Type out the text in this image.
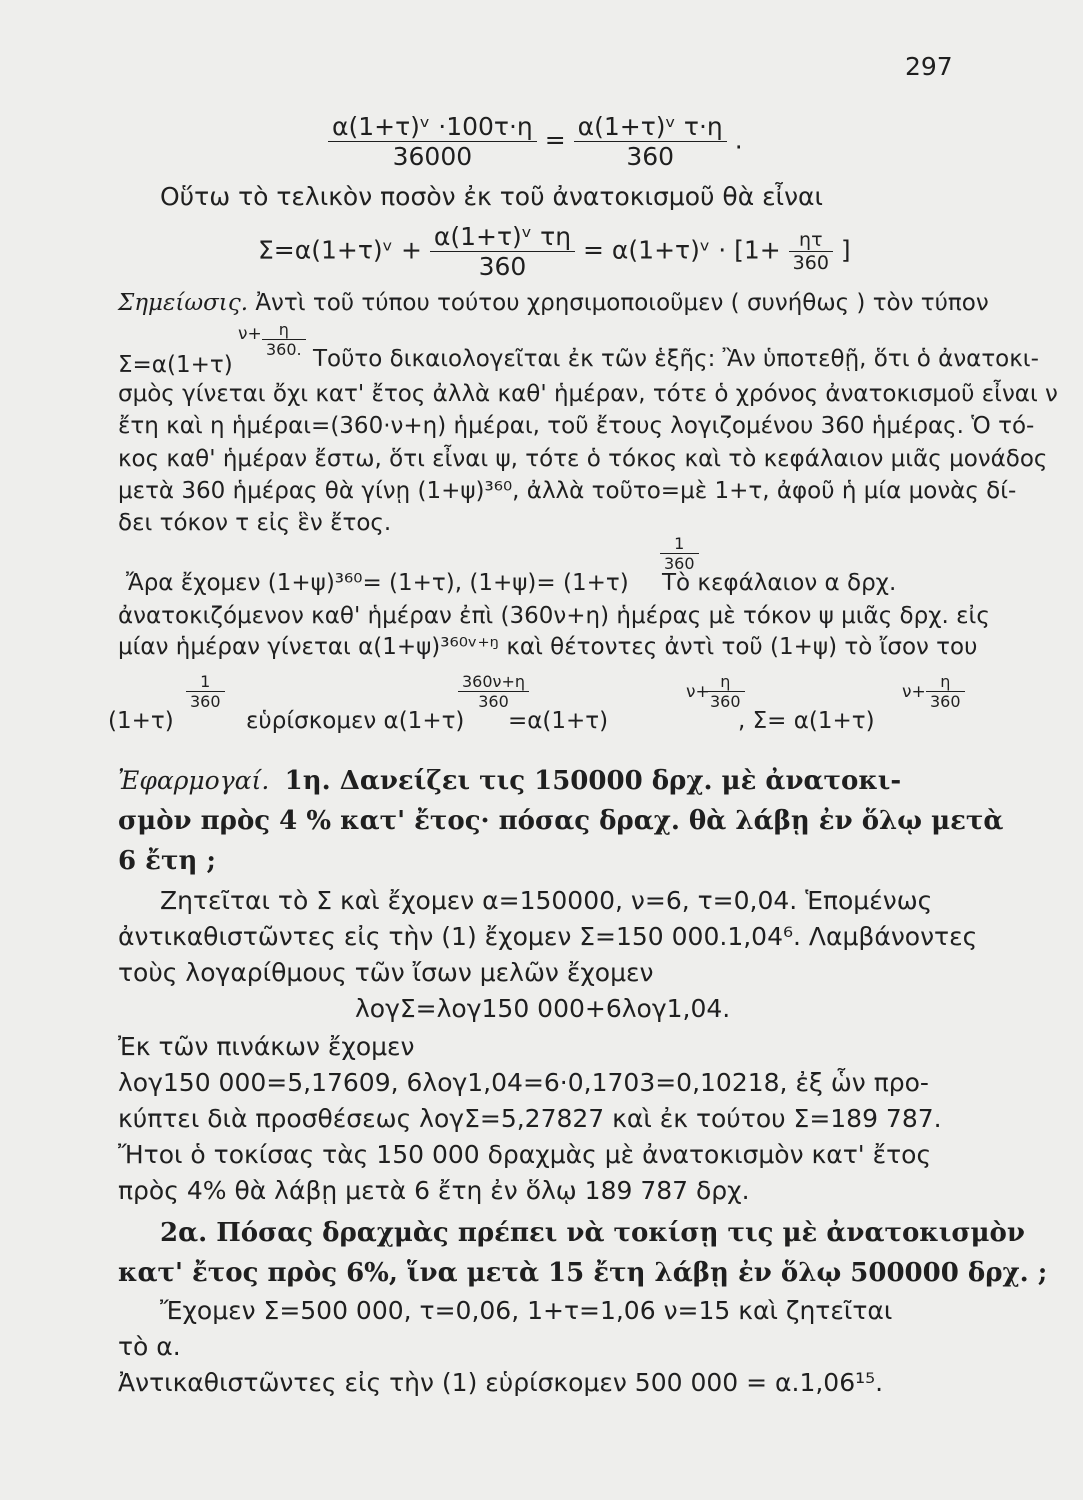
297
$\frac{\text{α(1+τ)ᵛ ·100τ·η}}{36000} = \frac{\text{α(1+τ)ᵛ τ·η}}{360}$ .
Οὕτω τὸ τελικὸν ποσὸν ἐκ τοῦ ἀνατοκισμοῦ θὰ εἶναι
Σ=α(1+τ)ᵛ + $\frac{\text{α(1+τ)ᵛ τη}}{360}$ = α(1+τ)ᵛ · [$1+ \frac{\eta\tau}{360}$ ]
Σημείωσις. Ἀντὶ τοῦ τύπου τούτου χρησιμοποιοῦμεν ( συνήθως ) τὸν τύπον
$\nu+ \frac{\eta}{360.}$
Σ=α(1+τ)	Τοῦτο δικαιολογεῖται ἐκ τῶν ἑξῆς: Ἂν ὑποτεθῇ, ὅτι ὁ ἀνατοκι-
σμὸς γίνεται ὄχι κατ' ἔτος ἀλλὰ καθ' ἡμέραν, τότε ὁ χρόνος ἀνατοκισμοῦ εἶναι ν
ἔτη καὶ η ἡμέραι=(360·ν+η) ἡμέραι, τοῦ ἔτους λογιζομένου 360 ἡμέρας. Ὁ τό-
κος καθ' ἡμέραν ἔστω, ὅτι εἶναι ψ, τότε ὁ τόκος καὶ τὸ κεφάλαιον μιᾶς μονάδος
μετὰ 360 ἡμέρας θὰ γίνῃ (1+ψ)³⁶⁰, ἀλλὰ τοῦτο=μὲ 1+τ, ἀφοῦ ἡ μία μονὰς δί-
δει τόκον τ εἰς ἓν ἔτος.
$\frac{1}{360}$
Ἄρα ἔχομεν (1+ψ)³⁶⁰= (1+τ), (1+ψ)= (1+τ) Τὸ κεφάλαιον α δρχ.
ἀνατοκιζόμενον καθ' ἡμέραν ἐπὶ (360ν+η) ἡμέρας μὲ τόκον ψ μιᾶς δρχ. εἰς
μίαν ἡμέραν γίνεται α(1+ψ)³⁶⁰ᵛ⁺ᵑ καὶ θέτοντες ἀντὶ τοῦ (1+ψ) τὸ ἴσον του
(1+τ)
$\frac{1}{360}$
εὑρίσκομεν α(1+τ)
$\frac{360\nu+\eta}{360}$
=α(1+τ)
ν+
$\frac{\eta}{360}$
, Σ= α(1+τ)
$\nu+ \frac{\eta}{360}$
Ἐφαρμογαί. 1η. Δανείζει τις 150000 δρχ. μὲ ἀνατοκι-
σμὸν πρὸς 4 % κατ' ἔτος· πόσας δραχ. θὰ λάβῃ ἐν ὅλῳ μετὰ
6 ἔτη ;
Ζητεῖται τὸ Σ καὶ ἔχομεν α=150000, ν=6, τ=0,04. Ἑπομένως
ἀντικαθιστῶντες εἰς τὴν (1) ἔχομεν Σ=150 000.1,04⁶. Λαμβάνοντες
τοὺς λογαρίθμους τῶν ἴσων μελῶν ἔχομεν
λογΣ=λογ150 000+6λογ1,04.
Ἐκ τῶν πινάκων ἔχομεν
λογ150 000=5,17609, 6λογ1,04=6·0,1703=0,10218, ἐξ ὧν προ-
κύπτει διὰ προσθέσεως λογΣ=5,27827 καὶ ἐκ τούτου Σ=189 787.
Ἤτοι ὁ τοκίσας τὰς 150 000 δραχμὰς μὲ ἀνατοκισμὸν κατ' ἔτος
πρὸς 4% θὰ λάβῃ μετὰ 6 ἔτη ἐν ὅλῳ 189 787 δρχ.
2α. Πόσας δραχμὰς πρέπει νὰ τοκίσῃ τις μὲ ἀνατοκισμὸν
κατ' ἔτος πρὸς 6%, ἵνα μετὰ 15 ἔτη λάβῃ ἐν ὅλῳ 500000 δρχ. ;
Ἔχομεν Σ=500 000, τ=0,06, 1+τ=1,06 ν=15 καὶ ζητεῖται
τὸ α.
Ἀντικαθιστῶντες εἰς τὴν (1) εὑρίσκομεν 500 000 = α.1,06¹⁵.
